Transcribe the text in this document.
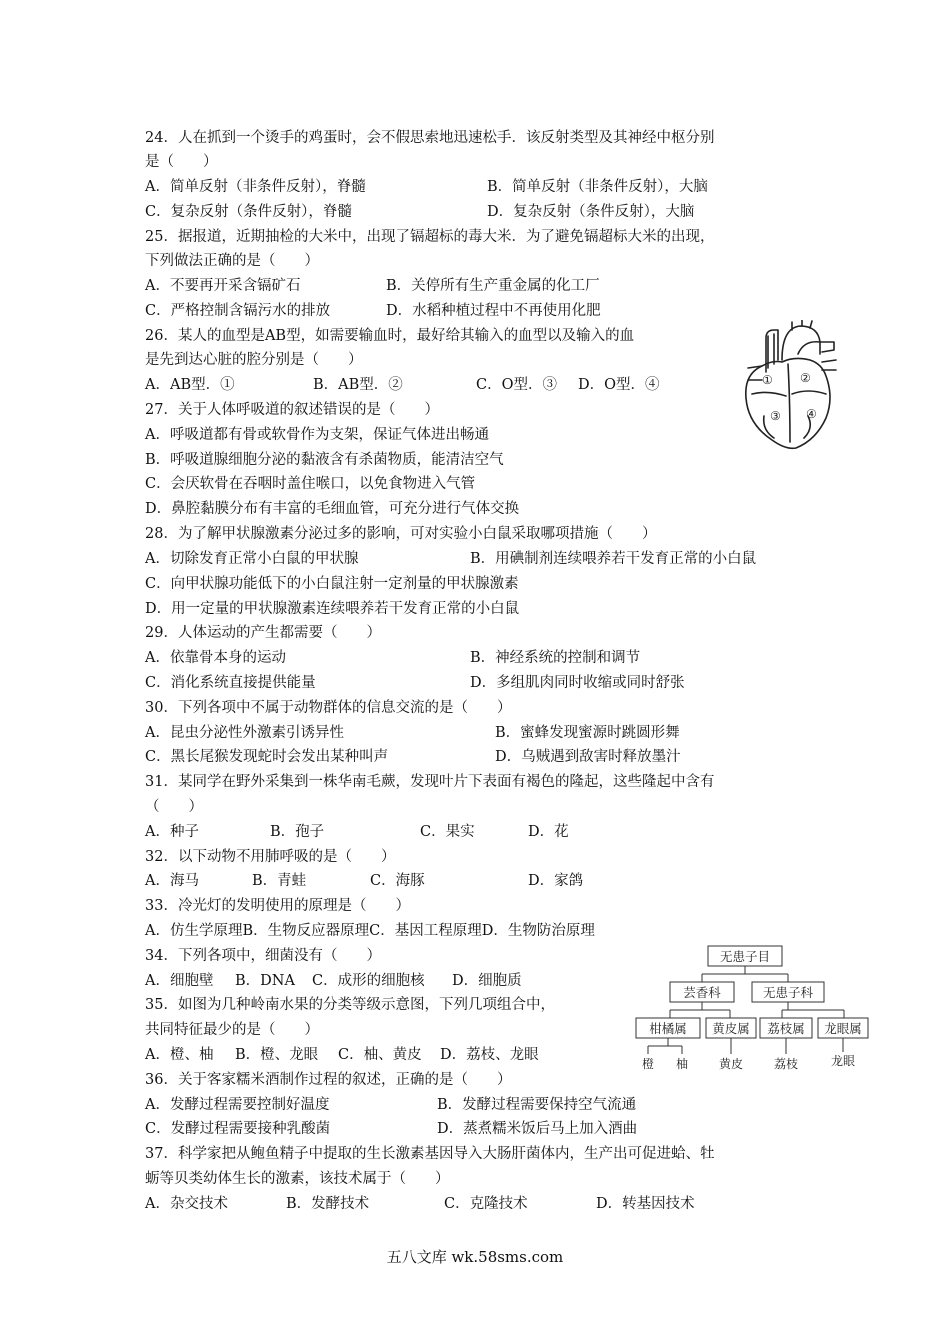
24．人在抓到一个烫手的鸡蛋时，会不假思索地迅速松手．该反射类型及其神经中枢分别
是（　　）
A．简单反射（非条件反射），脊髓	B．简单反射（非条件反射），大脑
C．复杂反射（条件反射），脊髓	D．复杂反射（条件反射），大脑
25．据报道，近期抽检的大米中，出现了镉超标的毒大米．为了避免镉超标大米的出现，
下列做法正确的是（　　）
A．不要再开采含镉矿石	B．关停所有生产重金属的化工厂
C．严格控制含镉污水的排放	D．水稻种植过程中不再使用化肥
26．某人的血型是AB型，如需要输血时，最好给其输入的血型以及输入的血
是先到达心脏的腔分别是（　　）
A．AB型．①	B．AB型．②	C．O型．③ D．O型．④	① ②
③ ④
27．关于人体呼吸道的叙述错误的是（　　）
A．呼吸道都有骨或软骨作为支架，保证气体进出畅通
B．呼吸道腺细胞分泌的黏液含有杀菌物质，能清洁空气
C．会厌软骨在吞咽时盖住喉口，以免食物进入气管
D．鼻腔黏膜分布有丰富的毛细血管，可充分进行气体交换
28．为了解甲状腺激素分泌过多的影响，可对实验小白鼠采取哪项措施（　　）
A．切除发育正常小白鼠的甲状腺	B．用碘制剂连续喂养若干发育正常的小白鼠
C．向甲状腺功能低下的小白鼠注射一定剂量的甲状腺激素
D．用一定量的甲状腺激素连续喂养若干发育正常的小白鼠
29．人体运动的产生都需要（　　）
A．依靠骨本身的运动	B．神经系统的控制和调节
C．消化系统直接提供能量	D．多组肌肉同时收缩或同时舒张
30．下列各项中不属于动物群体的信息交流的是（　　）
A．昆虫分泌性外激素引诱异性	B．蜜蜂发现蜜源时跳圆形舞
C．黑长尾猴发现蛇时会发出某种叫声	D．乌贼遇到敌害时释放墨汁
31．某同学在野外采集到一株华南毛蕨，发现叶片下表面有褐色的隆起，这些隆起中含有
（　　）
A．种子	B．孢子	C．果实	D．花
32．以下动物不用肺呼吸的是（　　）
A．海马	B．青蛙	C．海豚	D．家鸽
33．冷光灯的发明使用的原理是（　　）
A．仿生学原理B．生物反应器原理C．基因工程原理D．生物防治原理
34．下列各项中，细菌没有（　　）
A．细胞壁 B．DNA C．成形的细胞核 D．细胞质
35．如图为几种岭南水果的分类等级示意图，下列几项组合中，
共同特征最少的是（　　）
A．橙、柚 B．橙、龙眼 C．柚、黄皮 D．荔枝、龙眼
无患子目
芸香科	无患子科
柑橘属 黄皮属 荔枝属 龙眼属
橙 柚	黄皮	荔枝	龙眼
36．关于客家糯米酒制作过程的叙述，正确的是（　　）
A．发酵过程需要控制好温度	B．发酵过程需要保持空气流通
C．发酵过程需要接种乳酸菌	D．蒸煮糯米饭后马上加入酒曲
37．科学家把从鲍鱼精子中提取的生长激素基因导入大肠肝菌体内，生产出可促进蛤、牡
蛎等贝类幼体生长的激素，该技术属于（　　）
A．杂交技术	B．发酵技术	C．克隆技术	D．转基因技术
五八文库 wk.58sms.com
